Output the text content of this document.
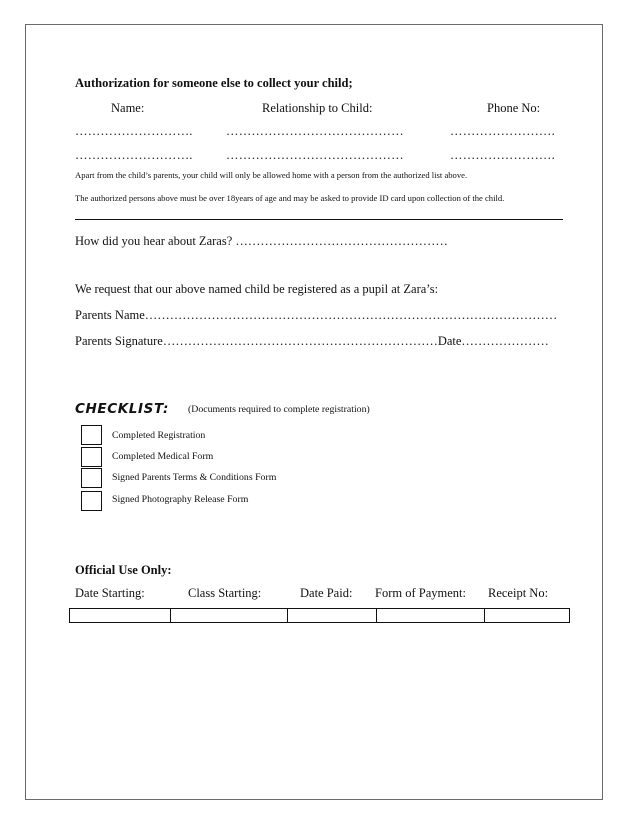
Authorization for someone else to collect your child;
Name:	Relationship to Child:	Phone No:
……………………….	……………………………………	…………………….
……………………….	……………………………………	…………………….
Apart from the child’s parents, your child will only be allowed home with a person from the authorized list above.
The authorized persons above must be over 18years of age and may be asked to provide ID card upon collection of the child.
How did you hear about Zaras? ……………………………………………
We request that our above named child be registered as a pupil at Zara’s:
Parents Name………………………………………………………………………………………
Parents Signature…………………………………………………………Date…………………
CHECKLIST: (Documents required to complete registration)
Completed Registration
Completed Medical Form
Signed Parents Terms & Conditions Form
Signed Photography Release Form
Official Use Only:
Date Starting:	Class Starting:	Date Paid: Form of Payment: Receipt No:
